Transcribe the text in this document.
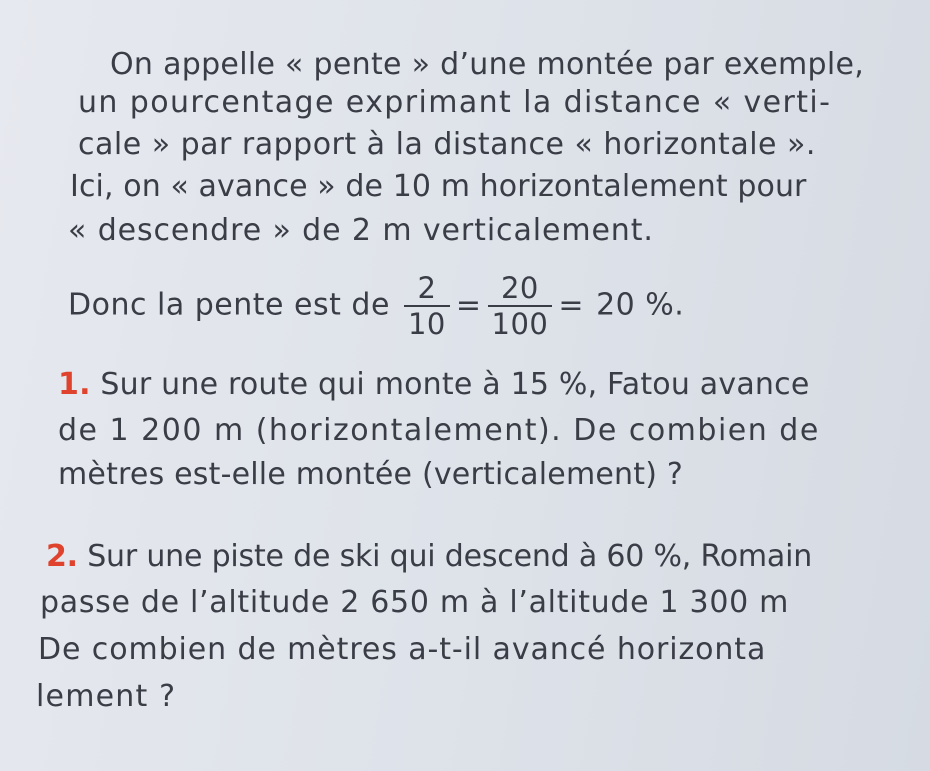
On appelle « pente » d’une montée par exemple,
un pourcentage exprimant la distance « verti-
cale » par rapport à la distance « horizontale ».
Ici, on « avance » de 10 m horizontalement pour
« descendre » de 2 m verticalement.
Donc la pente est de $\frac{2}{10} = \frac{20}{100} = 20$ %.
1. Sur une route qui monte à 15 %, Fatou avance
de 1 200 m (horizontalement). De combien de
mètres est-elle montée (verticalement) ?
2. Sur une piste de ski qui descend à 60 %, Romain
passe de l’altitude 2 650 m à l’altitude 1 300 m
De combien de mètres a-t-il avancé horizonta
lement ?
